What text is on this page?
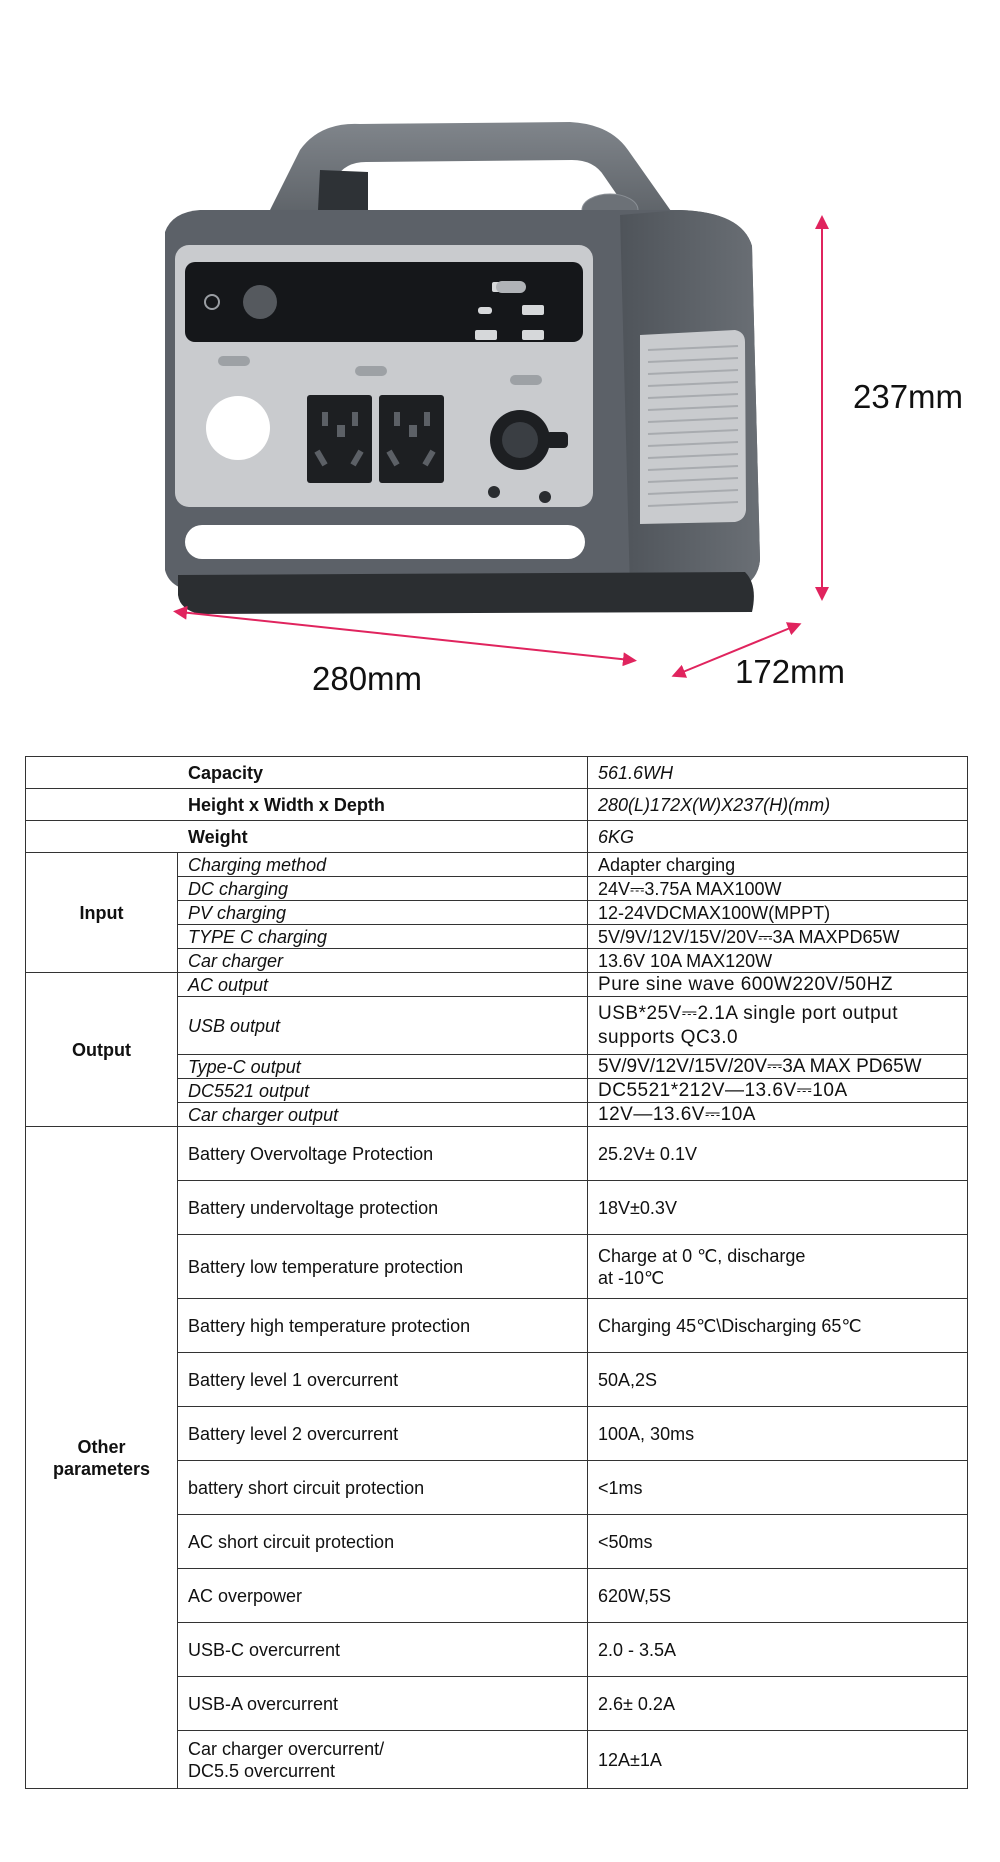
237mm
280mm	172mm
Capacity		561.6WH
Height x Width x Depth		280(L)172X(W)X237(H)(mm)
Weight		6KG
Input	Charging method	Adapter charging
	DC charging	24V⎓3.75A MAX100W
	PV charging	12-24VDCMAX100W(MPPT)
	TYPE C charging	5V/9V/12V/15V/20V⎓3A MAXPD65W
	Car charger	13.6V 10A MAX120W
Output	AC output	Pure sine wave 600W220V/50HZ
	USB output	USB*25V⎓2.1A single port output supports QC3.0
	Type-C output	5V/9V/12V/15V/20V⎓3A MAX PD65W
	DC5521 output	DC5521*212V—13.6V⎓10A
	Car charger output	12V—13.6V⎓10A
Other parameters	Battery Overvoltage Protection	25.2V± 0.1V
	Battery undervoltage protection	18V±0.3V
	Battery low temperature protection	Charge at 0 ℃, discharge at -10℃
	Battery high temperature protection	Charging 45℃\Discharging 65℃
	Battery level 1 overcurrent	50A,2S
	Battery level 2 overcurrent	100A, 30ms
	battery short circuit protection	<1ms
	AC short circuit protection	<50ms
	AC overpower	620W,5S
	USB-C overcurrent	2.0 - 3.5A
	USB-A overcurrent	2.6± 0.2A
	Car charger overcurrent/ DC5.5 overcurrent	12A±1A
